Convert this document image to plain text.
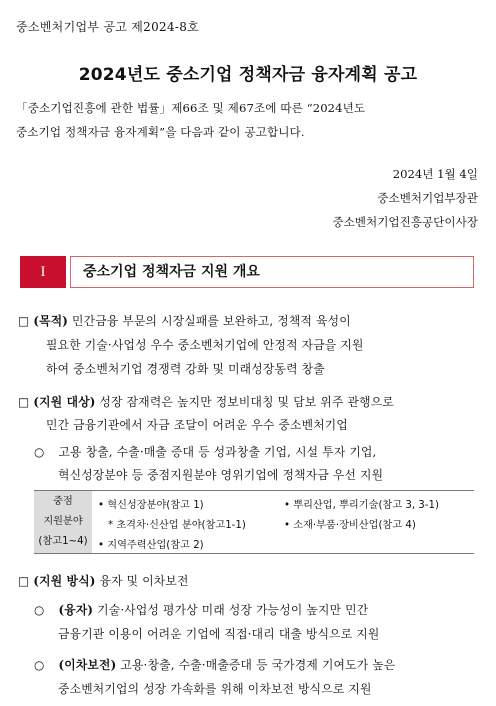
중소벤처기업부 공고 제2024-8호
2024년도 중소기업 정책자금 융자계획 공고
「중소기업진흥에 관한 법률」제66조 및 제67조에 따른 “2024년도
중소기업 정책자금 융자계획”을 다음과 같이 공고합니다.
2024년 1월 4일
중소벤처기업부장관
중소벤처기업진흥공단이사장
I	중소기업 정책자금 지원 개요
□ (목적) 민간금융 부문의 시장실패를 보완하고, 정책적 육성이
필요한 기술·사업성 우수 중소벤처기업에 안정적 자금을 지원
하여 중소벤처기업 경쟁력 강화 및 미래성장동력 창출
□ (지원 대상) 성장 잠재력은 높지만 정보비대칭 및 담보 위주 관행으로
민간 금융기관에서 자금 조달이 어려운 우수 중소벤처기업
○ 고용 창출, 수출·매출 증대 등 성과창출 기업, 시설 투자 기업,
혁신성장분야 등 중점지원분야 영위기업에 정책자금 우선 지원
중점
지원분야
(참고1~4)
• 혁신성장분야(참고 1)	• 뿌리산업, 뿌리기술(참고 3, 3-1)
* 초격차·신산업 분야(참고1-1)	• 소재·부품·장비산업(참고 4)
• 지역주력산업(참고 2)
□ (지원 방식) 융자 및 이차보전
○ (융자) 기술·사업성 평가상 미래 성장 가능성이 높지만 민간
금융기관 이용이 어려운 기업에 직접·대리 대출 방식으로 지원
○ (이차보전) 고용·창출, 수출·매출증대 등 국가경제 기여도가 높은
중소벤처기업의 성장 가속화를 위해 이차보전 방식으로 지원
